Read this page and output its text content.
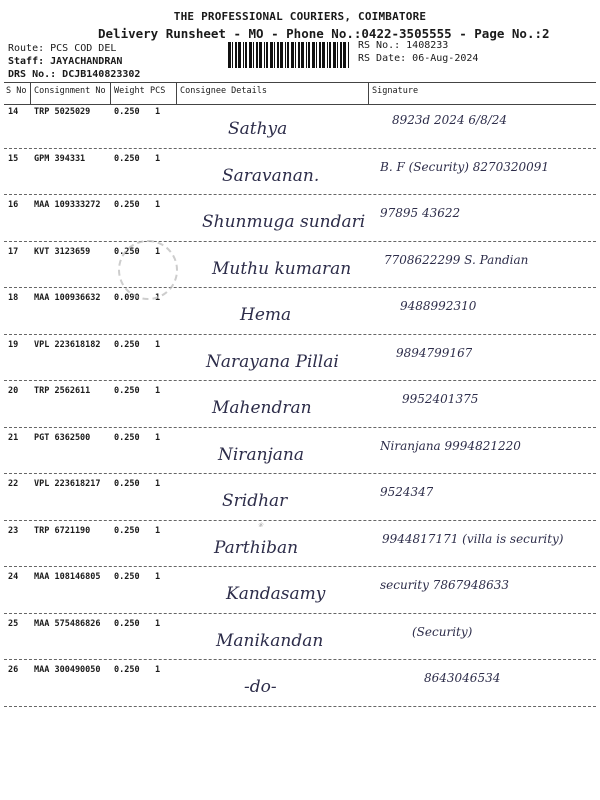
THE PROFESSIONAL COURIERS, COIMBATORE
Delivery Runsheet - MO - Phone No.:0422-3505555 - Page No.:2
Route: PCS COD DEL
Staff: JAYACHANDRAN
DRS No.: DCJB140823302
RS No.: 1408233
RS Date: 06-Aug-2024
S No Consignment No Weight PCS Consignee Details	Signature
14 TRP 5025029	0.250 1
Sathya	8923d 2024 6/8/24
15 GPM 394331	0.250 1
Saravanan.	B. F (Security) 8270320091
16 MAA 109333272 0.250 1
Shunmuga sundari 97895 43622
17 KVT 3123659	0.250 1
Muthu kumaran	7708622299 S. Pandian
18 MAA 100936632 0.090 1
Hema	9488992310
19 VPL 223618182 0.250 1
Narayana Pillai	9894799167
20 TRP 2562611	0.250 1
Mahendran	9952401375
21 PGT 6362500	0.250 1
Niranjana	Niranjana 9994821220
22 VPL 223618217 0.250 1
Sridhar	9524347
23 TRP 6721190	0.250 1
Parthiban	9944817171 (villa is security)
24 MAA 108146805 0.250 1
Kandasamy	security 7867948633
25 MAA 575486826 0.250 1
Manikandan	(Security)
26 MAA 300490050 0.250 1
-do-	8643046534
❀
